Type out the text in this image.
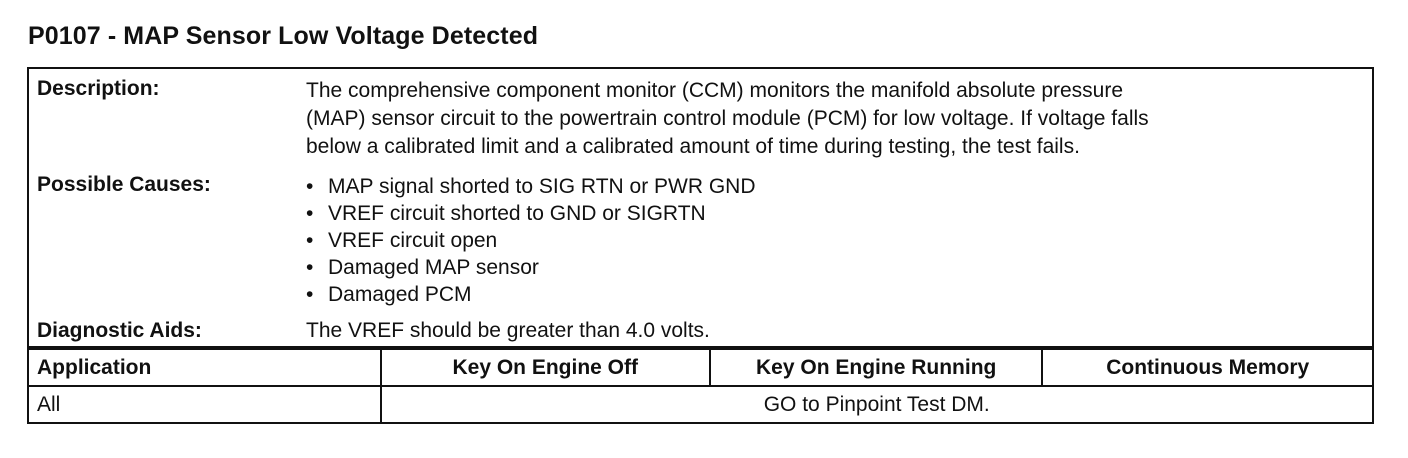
P0107 - MAP Sensor Low Voltage Detected
Description:	The comprehensive component monitor (CCM) monitors the manifold absolute pressure
(MAP) sensor circuit to the powertrain control module (PCM) for low voltage. If voltage falls
below a calibrated limit and a calibrated amount of time during testing, the test fails.
Possible Causes:	• MAP signal shorted to SIG RTN or PWR GND
• VREF circuit shorted to GND or SIGRTN
• VREF circuit open
• Damaged MAP sensor
• Damaged PCM
Diagnostic Aids:	The VREF should be greater than 4.0 volts.
Application	Key On Engine Off	Key On Engine Running	Continuous Memory
All	GO to Pinpoint Test DM.		
